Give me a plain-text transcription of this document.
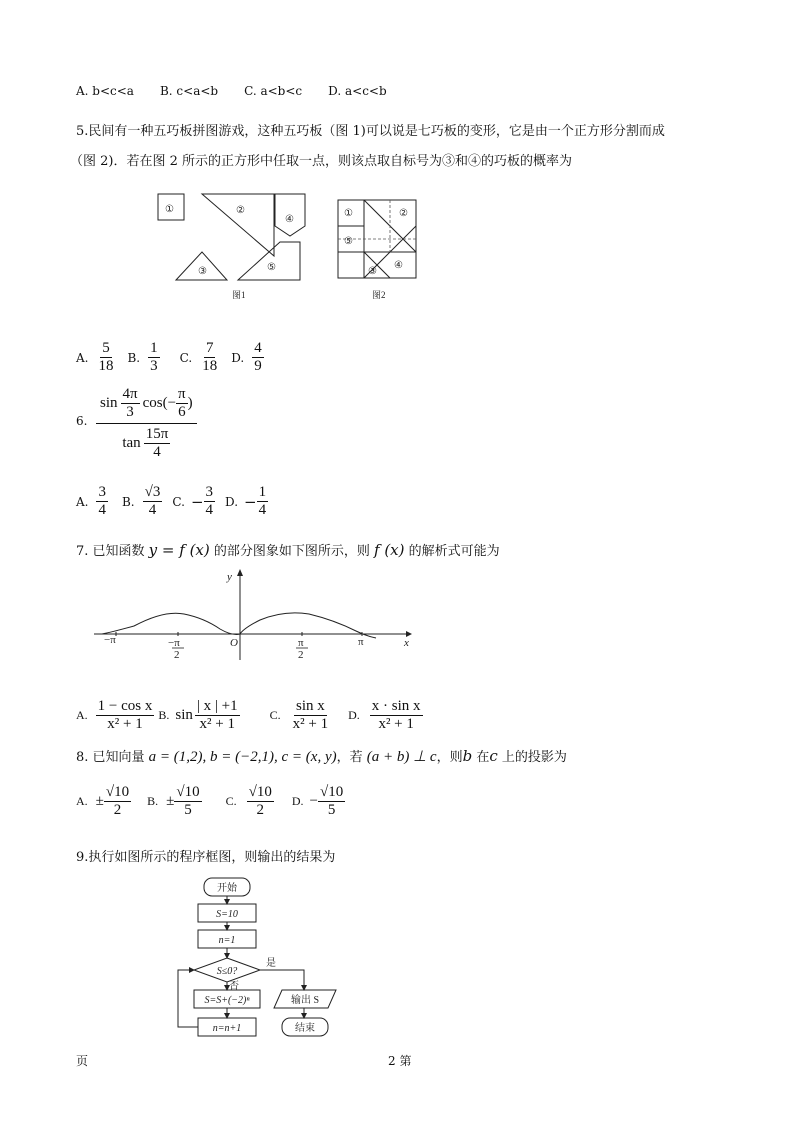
A. b<c<a B. c<a<b C. a<b<c D. a<c<b
5.民间有一种五巧板拼图游戏，这种五巧板（图 1)可以说是七巧板的变形，它是由一个正方形分割而成
（图 2)．若在图 2 所示的正方形中任取一点，则该点取自标号为③和④的巧板的概率为
①	②
④
③	⑤
①	②
⑤
③
④
图1	图2
A. $\frac{5}{18} B$. $\frac{1}{3} C$. $\frac{7}{18} D$. $\frac{4}{9}$
6.
$\sin \frac{4\pi}{3} \cos(- \frac{\pi}{6}$ )
$\tan \frac{15\pi}{4}$
A. $\frac{3}{4} B$. $\frac{√3}{4} C$. − $\frac{3}{4} D$. − $\frac{1}{4}$
7. 已知函数 y = f (x) 的部分图象如下图所示，则 f (x) 的解析式可能为
y
x
O
−π	π
−π
2
π
2
A. $\frac{\text{1 − cos x}}{\text{x² + 1}} B$. $\sin \frac{| x | +1}{\text{x² + 1}}$	C. $\frac{\text{sin x}}{\text{x² + 1}} D$. $\frac{\text{x · sin x}}{\text{x² + 1}}$
8. 已知向量 a = (1,2), b = (−2,1), c = (x, y)，若 (a + b) ⊥ c，则b 在c 上的投影为
A. ± $\frac{√10}{2} B$. ± $\frac{√10}{5} C$. $\frac{√10}{2} D$. − $\frac{√10}{5}$
9.执行如图所示的程序框图，则输出的结果为
开始
S=10
n=1
S≤0?
是
否
S=S+(−2)ⁿ
n=n+1
输出 S
结束
页	2 第
